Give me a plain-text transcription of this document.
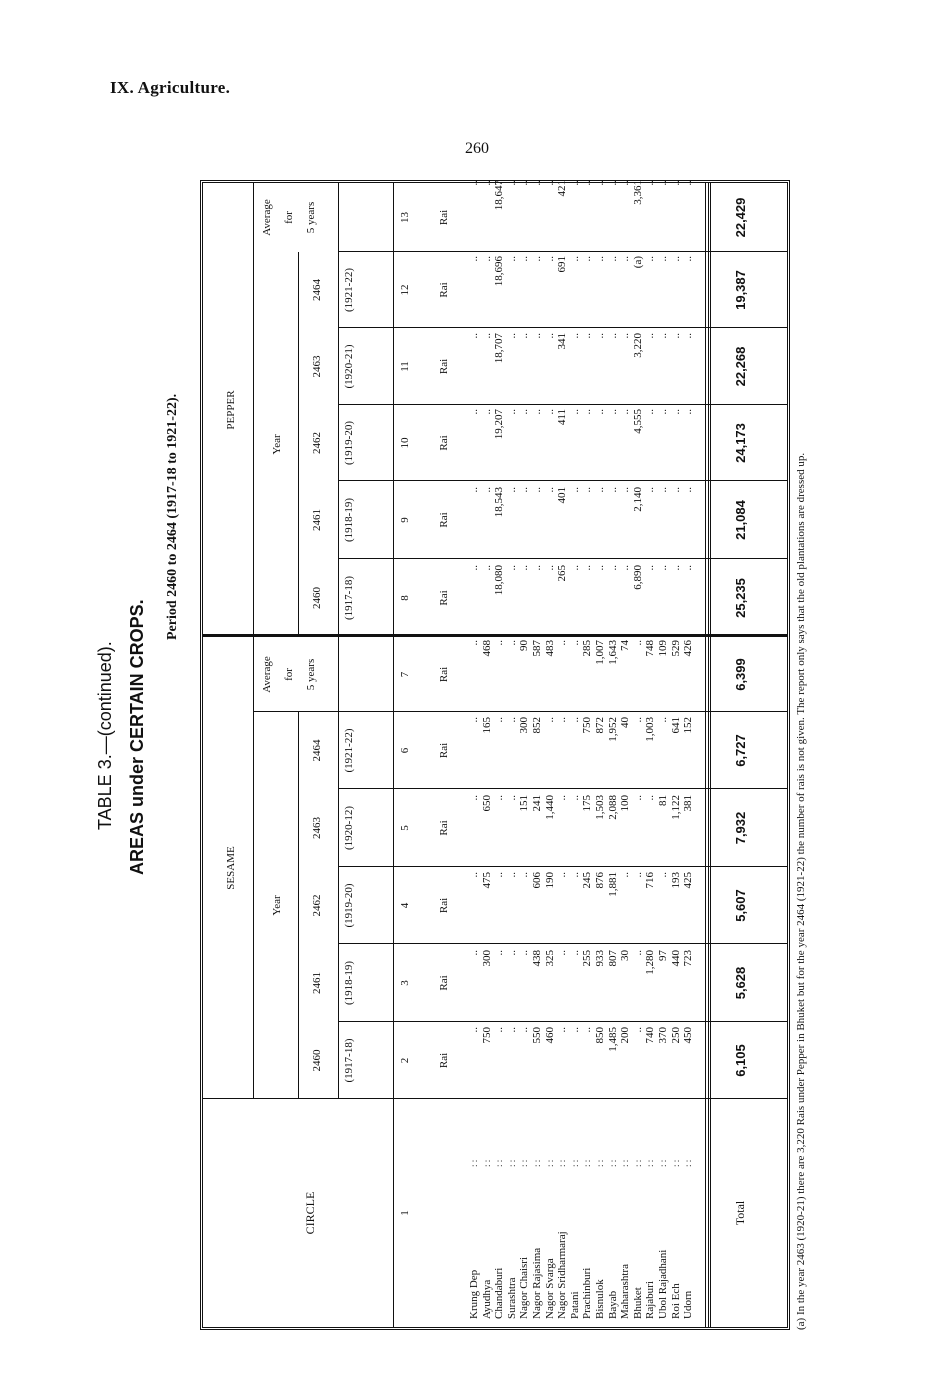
IX. Agriculture.
260
TABLE 3.—(continued). AREAS under CERTAIN CROPS.
Period 2460 to 2464 (1917-18 to 1921-22).
CIRCLE
SESAME
PEPPER
Year
Year
Average for 5 years
Average for 5 years
2460 (1917-18)
2460 (1917-18)
2461 (1918-19)
2461 (1918-19)
2462 (1919-20)
2462 (1919-20)
2463 (1920-12)
2463 (1920-21)
2464 (1921-22)
2464 (1921-22)
1
2
3
4
5
6
7
8
9
10
11
12
13
Rai
Rai
Rai
Rai
Rai
Rai
Rai
Rai
Rai
Rai
Rai
Rai
Krung Dep
: :
Ayudhya
: :
Chandaburi
: :
Surashtra
: :
Nagor Chaisri
: :
Nagor Rajasima
: :
Nagor Svarga
: :
Nagor Sridharmaraj
: :
Patani
: :
Prachinburi
: :
Bisnulok
: :
Bayab
: :
Maharashtra
: :
Bhuket
: :
Rajaburi
: :
Ubol Rajadhani
: :
Roi Ech
: :
Udorn
: :
.. 750 .. .. .. 550 460 .. .. .. 850 1,485 200 .. 740 370 250 450
.. .. 18,080 .. .. .. .. 265 .. .. .. .. .. 6,890 .. .. .. ..
.. 300 .. .. .. 438 325 .. .. 255 933 807 30 .. 1,280 97 440 723
.. .. 18,543 .. .. .. .. 401 .. .. .. .. .. 2,140 .. .. .. ..
.. 475 .. .. .. 606 190 .. .. 245 876 1,881 .. .. 716 .. 193 425
.. .. 19,207 .. .. .. .. 411 .. .. .. .. .. 4,555 .. .. .. ..
.. 650 .. .. 151 241 1,440 .. .. 175 1,503 2,088 100 .. .. 81 1,122 381
.. .. 18,707 .. .. .. .. 341 .. .. .. .. .. 3,220 .. .. .. ..
.. 165 .. .. 300 852 .. .. .. 750 872 1,952 40 .. 1,003 .. 641 152
.. .. 18,696 .. .. .. .. 691 .. .. .. .. .. (a) .. .. .. ..
.. 468 .. .. 90 587 483 .. .. 285 1,007 1,643 74 .. 748 109 529 426
.. .. 18,647 .. .. .. .. 421 .. .. .. .. .. 3,361 .. .. .. ..
Total
6,105
5,628
5,607
7,932
6,727
6,399
25,235
21,084
24,173
22,268
19,387
22,429
(a) In the year 2463 (1920-21) there are 3,220 Rais under Pepper in Bhuket but for the year 2464 (1921-22) the number of rais is not given. The report only says that the old plantations are dressed up.
